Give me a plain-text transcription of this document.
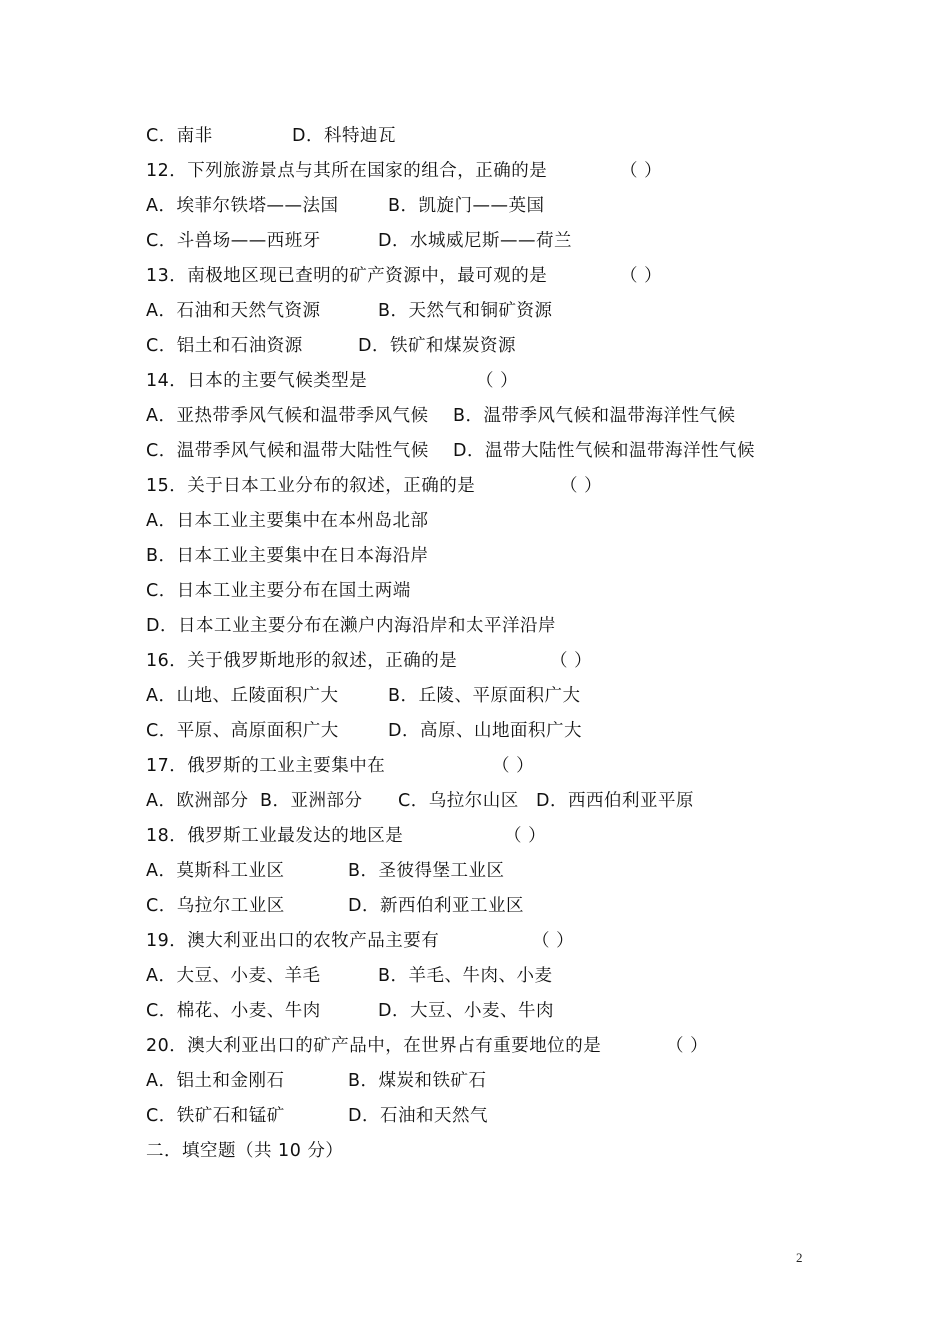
C．南非	D．科特迪瓦
12．下列旅游景点与其所在国家的组合，正确的是	（ ）
A．埃菲尔铁塔——法国	B．凯旋门——英国
C．斗兽场——西班牙	D．水城威尼斯——荷兰
13．南极地区现已查明的矿产资源中，最可观的是	（ ）
A．石油和天然气资源	B．天然气和铜矿资源
C．铝土和石油资源	D．铁矿和煤炭资源
14．日本的主要气候类型是	（ ）
A．亚热带季风气候和温带季风气候 B．温带季风气候和温带海洋性气候
C．温带季风气候和温带大陆性气候 D．温带大陆性气候和温带海洋性气候
15．关于日本工业分布的叙述，正确的是	（ ）
A．日本工业主要集中在本州岛北部
B．日本工业主要集中在日本海沿岸
C．日本工业主要分布在国土两端
D．日本工业主要分布在濑户内海沿岸和太平洋沿岸
16．关于俄罗斯地形的叙述，正确的是	（ ）
A．山地、丘陵面积广大	B．丘陵、平原面积广大
C．平原、高原面积广大	D．高原、山地面积广大
17．俄罗斯的工业主要集中在	（ ）
A．欧洲部分 B．亚洲部分 C．乌拉尔山区 D．西西伯利亚平原
18．俄罗斯工业最发达的地区是	（ ）
A．莫斯科工业区	B．圣彼得堡工业区
C．乌拉尔工业区	D．新西伯利亚工业区
19．澳大利亚出口的农牧产品主要有	（ ）
A．大豆、小麦、羊毛	B．羊毛、牛肉、小麦
C．棉花、小麦、牛肉	D．大豆、小麦、牛肉
20．澳大利亚出口的矿产品中，在世界占有重要地位的是	（ ）
A．铝土和金刚石	B．煤炭和铁矿石
C．铁矿石和锰矿	D．石油和天然气
二．填空题（共 10 分）
2
